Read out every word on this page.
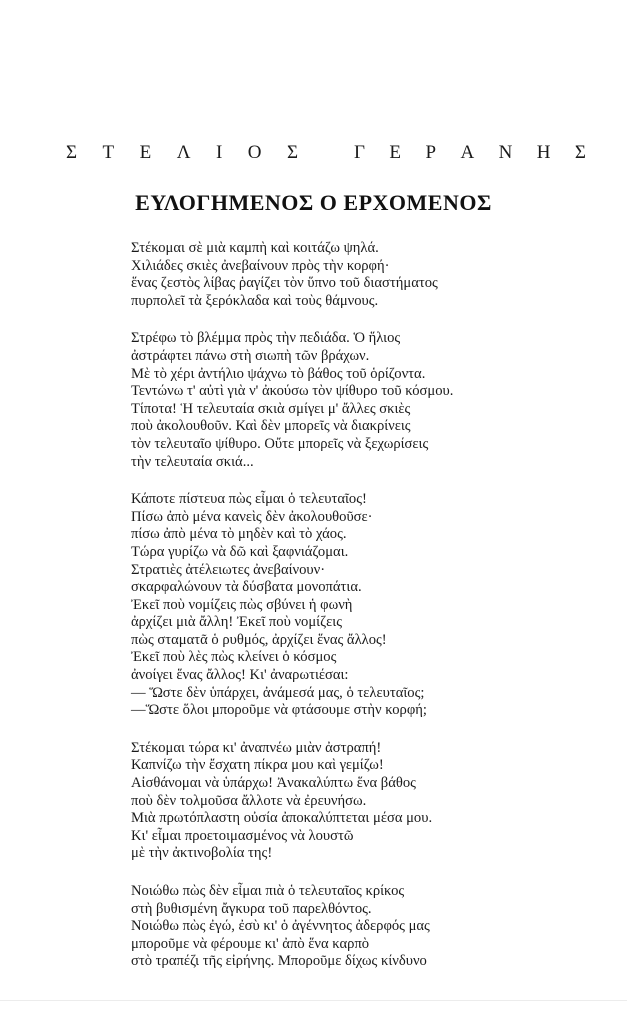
Σ Τ Ε Λ Ι Ο Σ	Γ Ε Ρ Α Ν Η Σ
ΕΥΛΟΓΗΜΕΝΟΣ Ο ΕΡΧΟΜΕΝΟΣ
Στέκομαι σὲ μιὰ καμπὴ καὶ κοιτάζω ψηλά.
Χιλιάδες σκιὲς ἀνεβαίνουν πρὸς τὴν κορφή·
ἕνας ζεστὸς λίβας ῥαγίζει τὸν ὕπνο τοῦ διαστήματος
πυρπολεῖ τὰ ξερόκλαδα καὶ τοὺς θάμνους.
Στρέφω τὸ βλέμμα πρὸς τὴν πεδιάδα. Ὁ ἥλιος
ἀστράφτει πάνω στὴ σιωπὴ τῶν βράχων.
Μὲ τὸ χέρι ἀντήλιο ψάχνω τὸ βάθος τοῦ ὁρίζοντα.
Τεντώνω τ' αὐτὶ γιὰ ν' ἀκούσω τὸν ψίθυρο τοῦ κόσμου.
Τίποτα! Ἡ τελευταία σκιὰ σμίγει μ' ἄλλες σκιὲς
ποὺ ἀκολουθοῦν. Καὶ δὲν μπορεῖς νὰ διακρίνεις
τὸν τελευταῖο ψίθυρο. Οὔτε μπορεῖς νὰ ξεχωρίσεις
τὴν τελευταία σκιά...
Κάποτε πίστευα πὼς εἶμαι ὁ τελευταῖος!
Πίσω ἀπὸ μένα κανεὶς δὲν ἀκολουθοῦσε·
πίσω ἀπὸ μένα τὸ μηδὲν καὶ τὸ χάος.
Τώρα γυρίζω νὰ δῶ καὶ ξαφνιάζομαι.
Στρατιὲς ἀτέλειωτες ἀνεβαίνουν·
σκαρφαλώνουν τὰ δύσβατα μονοπάτια.
Ἐκεῖ ποὺ νομίζεις πὼς σβύνει ἡ φωνὴ
ἀρχίζει μιὰ ἄλλη! Ἐκεῖ ποὺ νομίζεις
πὼς σταματᾶ ὁ ρυθμός, ἀρχίζει ἕνας ἄλλος!
Ἐκεῖ ποὺ λὲς πὼς κλείνει ὁ κόσμος
ἀνοίγει ἕνας ἄλλος! Κι' ἀναρωτιέσαι:
— Ὥστε δὲν ὑπάρχει, ἀνάμεσά μας, ὁ τελευταῖος;
—Ὥστε ὅλοι μποροῦμε νὰ φτάσουμε στὴν κορφή;
Στέκομαι τώρα κι' ἀναπνέω μιὰν ἀστραπή!
Καπνίζω τὴν ἔσχατη πίκρα μου καὶ γεμίζω!
Αἰσθάνομαι νὰ ὑπάρχω! Ἀνακαλύπτω ἕνα βάθος
ποὺ δὲν τολμοῦσα ἄλλοτε νὰ ἐρευνήσω.
Μιὰ πρωτόπλαστη οὐσία ἀποκαλύπτεται μέσα μου.
Κι' εἶμαι προετοιμασμένος νὰ λουστῶ
μὲ τὴν ἀκτινοβολία της!
Νοιώθω πὼς δὲν εἶμαι πιὰ ὁ τελευταῖος κρίκος
στὴ βυθισμένη ἄγκυρα τοῦ παρελθόντος.
Νοιώθω πὼς ἐγώ, ἐσὺ κι' ὁ ἀγέννητος ἀδερφός μας
μποροῦμε νὰ φέρουμε κι' ἀπὸ ἕνα καρπὸ
στὸ τραπέζι τῆς εἰρήνης. Μποροῦμε δίχως κίνδυνο
